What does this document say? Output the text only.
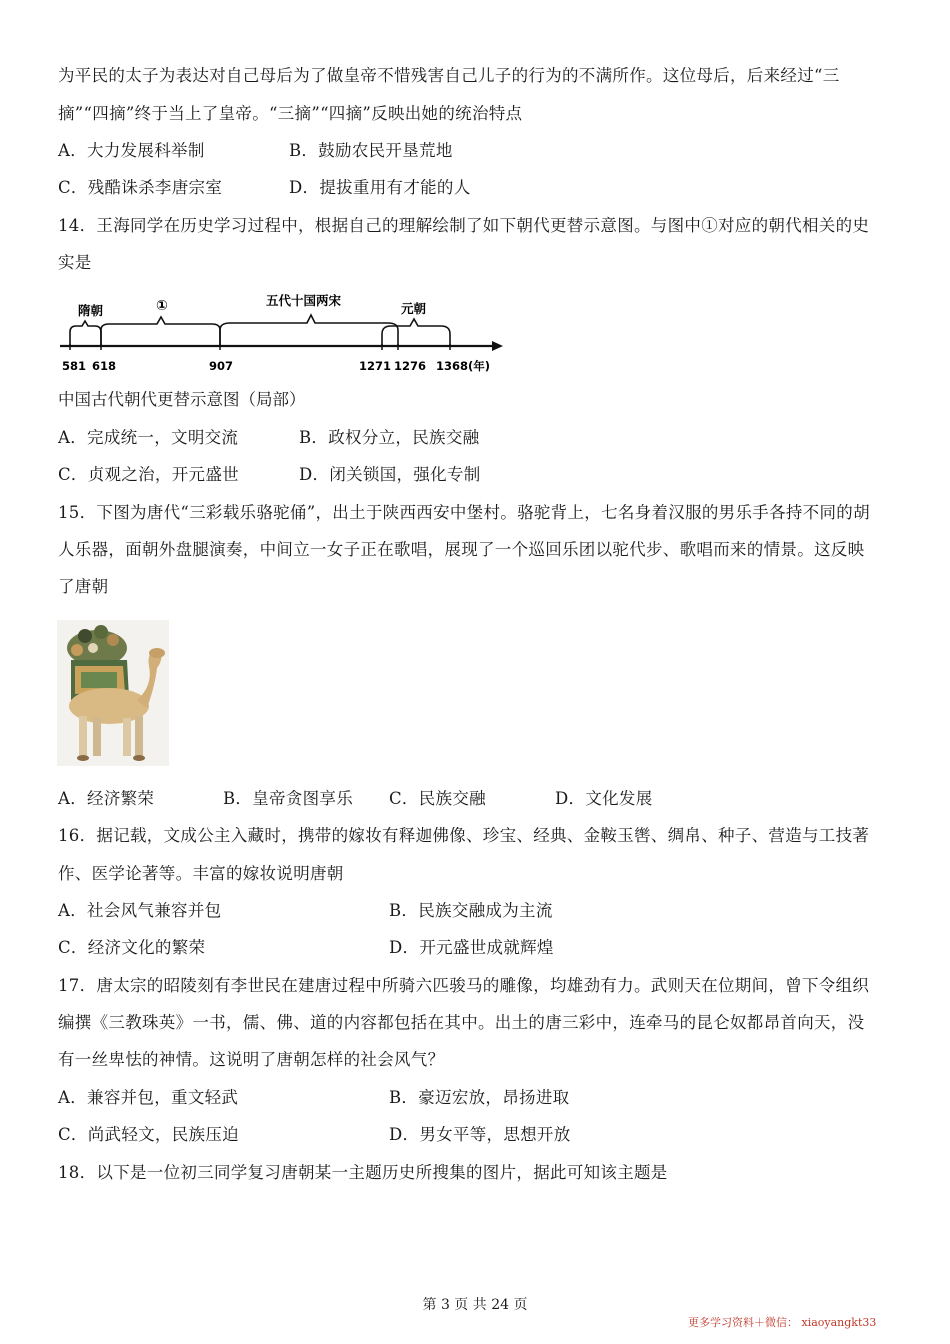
为平民的太子为表达对自己母后为了做皇帝不惜残害自己儿子的行为的不满所作。这位母后，后来经过“三
摘”“四摘”终于当上了皇帝。“三摘”“四摘”反映出她的统治特点
A．大力发展科举制	B．鼓励农民开垦荒地
C．残酷诛杀李唐宗室	D．提拔重用有才能的人
14．王海同学在历史学习过程中，根据自己的理解绘制了如下朝代更替示意图。与图中①对应的朝代相关的史
实是
隋朝	①	五代十国两宋
元朝
581 618	907	1271 1276 1368(年)
中国古代朝代更替示意图（局部）
A．完成统一，文明交流	B．政权分立，民族交融
C．贞观之治，开元盛世	D．闭关锁国，强化专制
15．下图为唐代“三彩载乐骆驼俑”，出土于陕西西安中堡村。骆驼背上，七名身着汉服的男乐手各持不同的胡
人乐器，面朝外盘腿演奏，中间立一女子正在歌唱，展现了一个巡回乐团以驼代步、歌唱而来的情景。这反映
了唐朝
A．经济繁荣	B．皇帝贪图享乐 C．民族交融	D．文化发展
16．据记载，文成公主入藏时，携带的嫁妆有释迦佛像、珍宝、经典、金鞍玉辔、绸帛、种子、营造与工技著
作、医学论著等。丰富的嫁妆说明唐朝
A．社会风气兼容并包	B．民族交融成为主流
C．经济文化的繁荣	D．开元盛世成就辉煌
17．唐太宗的昭陵刻有李世民在建唐过程中所骑六匹骏马的雕像，均雄劲有力。武则天在位期间，曾下令组织
编撰《三教珠英》一书，儒、佛、道的内容都包括在其中。出土的唐三彩中，连牵马的昆仑奴都昂首向天，没
有一丝卑怯的神情。这说明了唐朝怎样的社会风气？
A．兼容并包，重文轻武	B．豪迈宏放，昂扬进取
C．尚武轻文，民族压迫	D．男女平等，思想开放
18．以下是一位初三同学复习唐朝某一主题历史所搜集的图片，据此可知该主题是
第 3 页 共 24 页
更多学习资料＋微信： xiaoyangkt33
